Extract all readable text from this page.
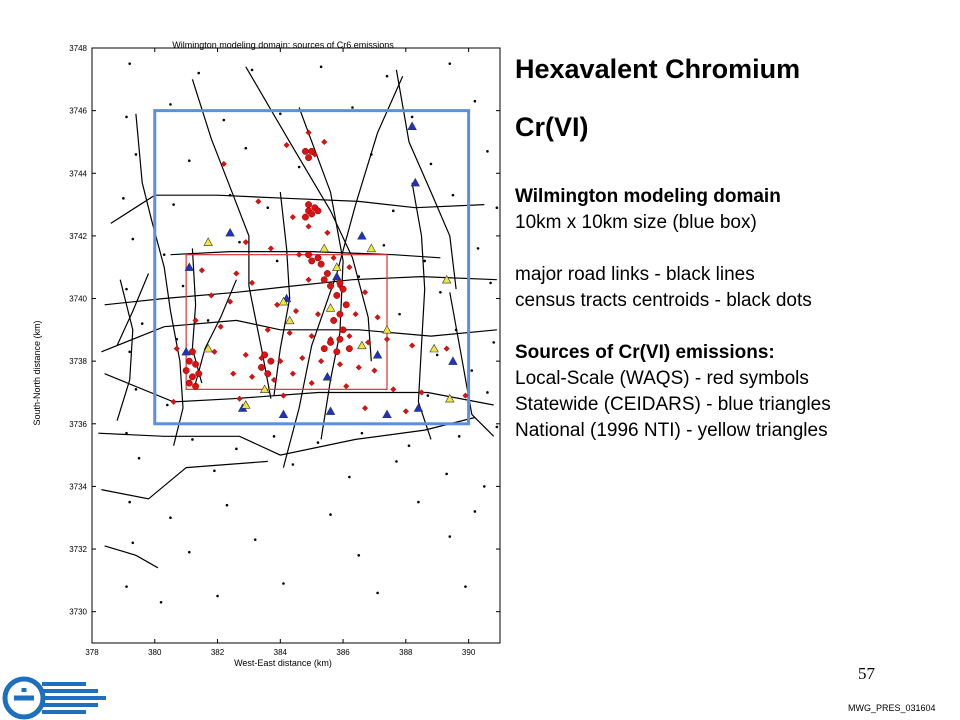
Wilmington modeling domain: sources of Cr6 emissions
378	380	382	384	386	388	390
3730
3732
3734
3736
3738
3740
3742
3744
3746
3748
West-East distance (km)
South-North distance (km)
Hexavalent Chromium
Cr(VI)
Wilmington modeling domain
10km x 10km size (blue box)
major road links - black lines
census tracts centroids - black dots
Sources of Cr(VI) emissions:
Local-Scale (WAQS) - red symbols
Statewide (CEIDARS) - blue triangles
National (1996 NTI) - yellow triangles
57
MWG_PRES_031604
